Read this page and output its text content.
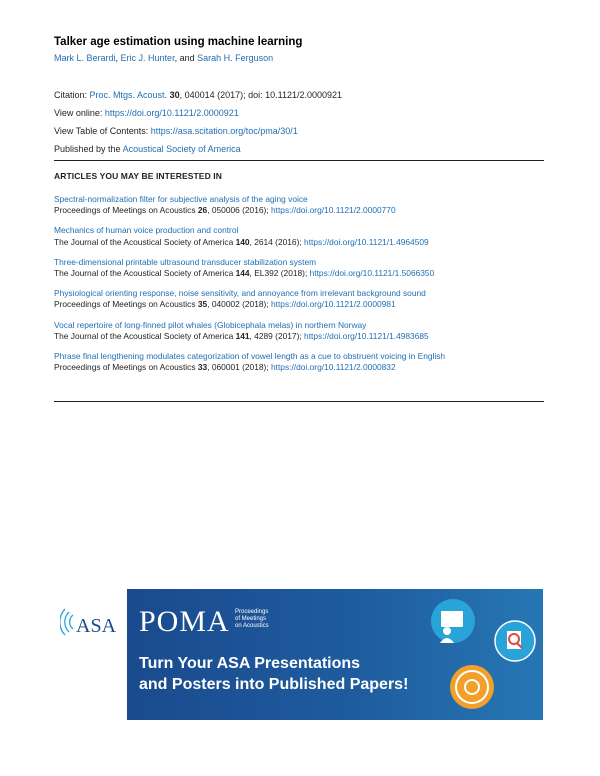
Talker age estimation using machine learning
Mark L. Berardi, Eric J. Hunter, and Sarah H. Ferguson
Citation: Proc. Mtgs. Acoust. 30, 040014 (2017); doi: 10.1121/2.0000921
View online: https://doi.org/10.1121/2.0000921
View Table of Contents: https://asa.scitation.org/toc/pma/30/1
Published by the Acoustical Society of America
ARTICLES YOU MAY BE INTERESTED IN
Spectral-normalization filter for subjective analysis of the aging voice
Proceedings of Meetings on Acoustics 26, 050006 (2016); https://doi.org/10.1121/2.0000770
Mechanics of human voice production and control
The Journal of the Acoustical Society of America 140, 2614 (2016); https://doi.org/10.1121/1.4964509
Three-dimensional printable ultrasound transducer stabilization system
The Journal of the Acoustical Society of America 144, EL392 (2018); https://doi.org/10.1121/1.5066350
Physiological orienting response, noise sensitivity, and annoyance from irrelevant background sound
Proceedings of Meetings on Acoustics 35, 040002 (2018); https://doi.org/10.1121/2.0000981
Vocal repertoire of long-finned pilot whales (Globicephala melas) in northern Norway
The Journal of the Acoustical Society of America 141, 4289 (2017); https://doi.org/10.1121/1.4983685
Phrase final lengthening modulates categorization of vowel length as a cue to obstruent voicing in English
Proceedings of Meetings on Acoustics 33, 060001 (2018); https://doi.org/10.1121/2.0000832
ASA POMA Proceedings
of Meetings
on Acoustics
Turn Your ASA Presentations
and Posters into Published Papers!
